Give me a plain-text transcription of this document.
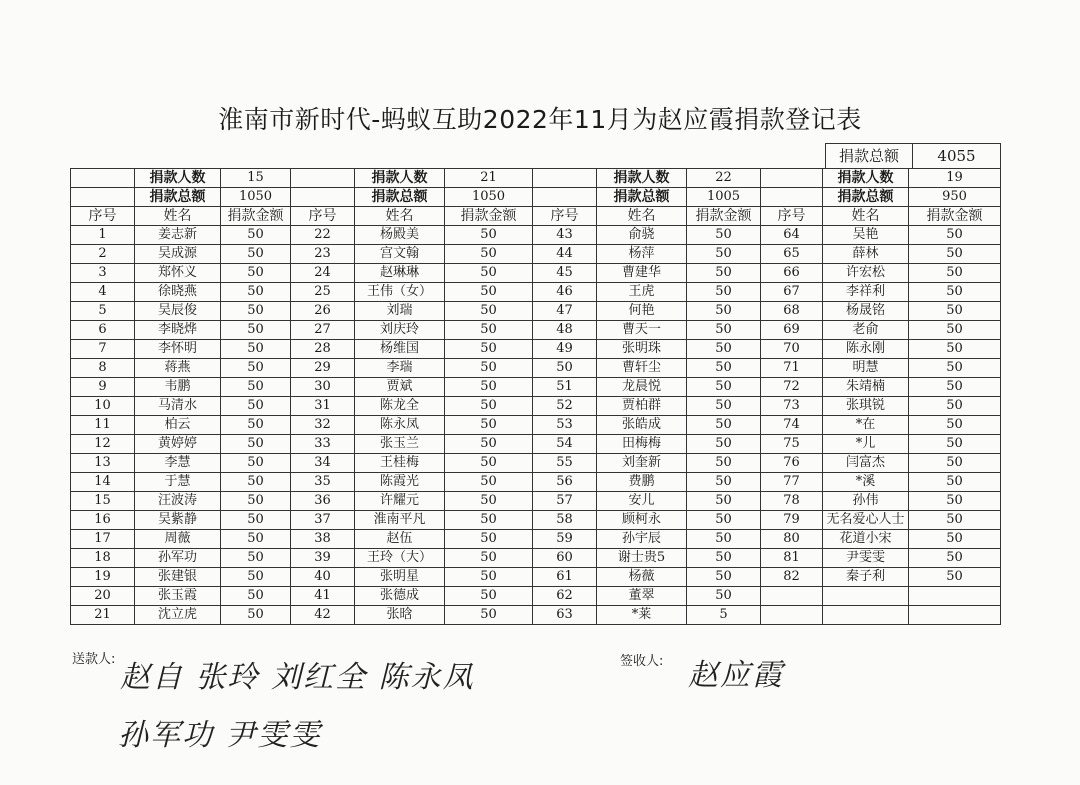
淮南市新时代-蚂蚁互助2022年11月为赵应霞捐款登记表
捐款总额	4055
	捐款人数	15		捐款人数	21		捐款人数	22		捐款人数	19
	捐款总额	1050		捐款总额	1050		捐款总额	1005		捐款总额	950
序号	姓名	捐款金额	序号	姓名	捐款金额	序号	姓名	捐款金额	序号	姓名	捐款金额
1	姜志新	50	22	杨殿美	50	43	俞骁	50	64	吴艳	50
2	吴成源	50	23	宫文翰	50	44	杨萍	50	65	薛林	50
3	郑怀义	50	24	赵琳琳	50	45	曹建华	50	66	许宏松	50
4	徐晓燕	50	25	王伟（女）	50	46	王虎	50	67	李祥利	50
5	吴辰俊	50	26	刘瑞	50	47	何艳	50	68	杨晟铭	50
6	李晓烨	50	27	刘庆玲	50	48	曹天一	50	69	老俞	50
7	李怀明	50	28	杨维国	50	49	张明珠	50	70	陈永刚	50
8	蒋燕	50	29	李瑞	50	50	曹轩尘	50	71	明慧	50
9	韦鹏	50	30	贾斌	50	51	龙晨悦	50	72	朱靖楠	50
10	马清水	50	31	陈龙全	50	52	贾柏群	50	73	张琪锐	50
11	柏云	50	32	陈永凤	50	53	张皓成	50	74	*在	50
12	黄婷婷	50	33	张玉兰	50	54	田梅梅	50	75	*儿	50
13	李慧	50	34	王桂梅	50	55	刘奎新	50	76	闫富杰	50
14	于慧	50	35	陈霞光	50	56	费鹏	50	77	*溪	50
15	汪波涛	50	36	许耀元	50	57	安儿	50	78	孙伟	50
16	吴紫静	50	37	淮南平凡	50	58	顾柯永	50	79	无名爱心人士	50
17	周薇	50	38	赵伍	50	59	孙宇辰	50	80	花道小宋	50
18	孙军功	50	39	王玲（大）	50	60	谢士贵5	50	81	尹雯雯	50
19	张建银	50	40	张明星	50	61	杨薇	50	82	秦子利	50
20	张玉霞	50	41	张德成	50	62	董翠	50			
21	沈立虎	50	42	张晗	50	63	*莱	5			
送款人:	签收人:
赵自 张玲 刘红全 陈永凤
孙军功 尹雯雯
赵应霞
